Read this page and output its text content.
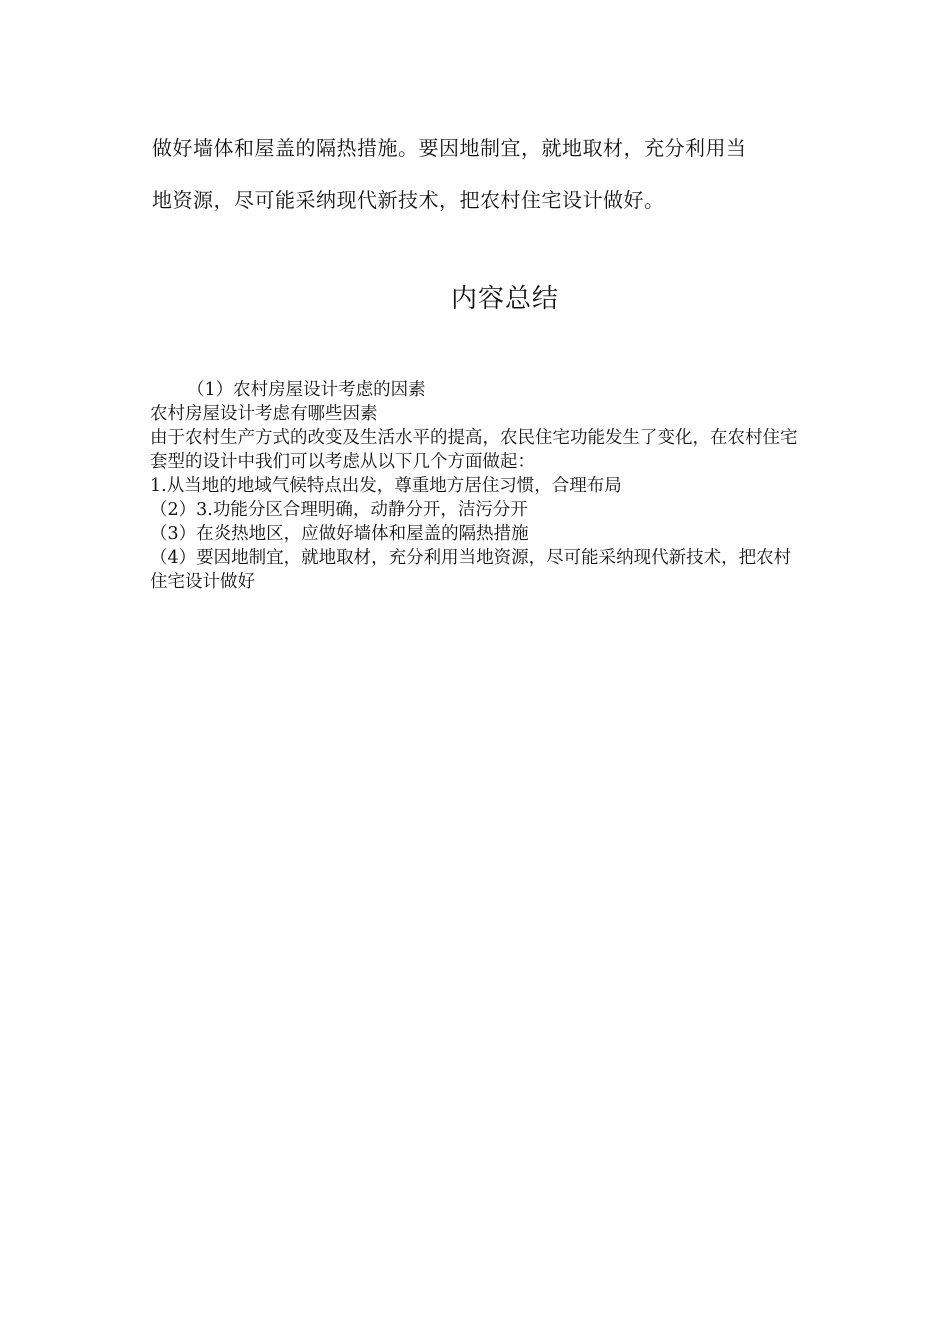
做好墙体和屋盖的隔热措施。要因地制宜，就地取材，充分利用当

地资源，尽可能采纳现代新技术，把农村住宅设计做好。

内容总结

（1）农村房屋设计考虑的因素

农村房屋设计考虑有哪些因素

由于农村生产方式的改变及生活水平的提高，农民住宅功能发生了变化，在农村住宅套型的设计中我们可以考虑从以下几个方面做起：

1.从当地的地域气候特点出发，尊重地方居住习惯，合理布局

（2）3.功能分区合理明确，动静分开，洁污分开

（3）在炎热地区，应做好墙体和屋盖的隔热措施

（4）要因地制宜，就地取材，充分利用当地资源，尽可能采纳现代新技术，把农村住宅设计做好
